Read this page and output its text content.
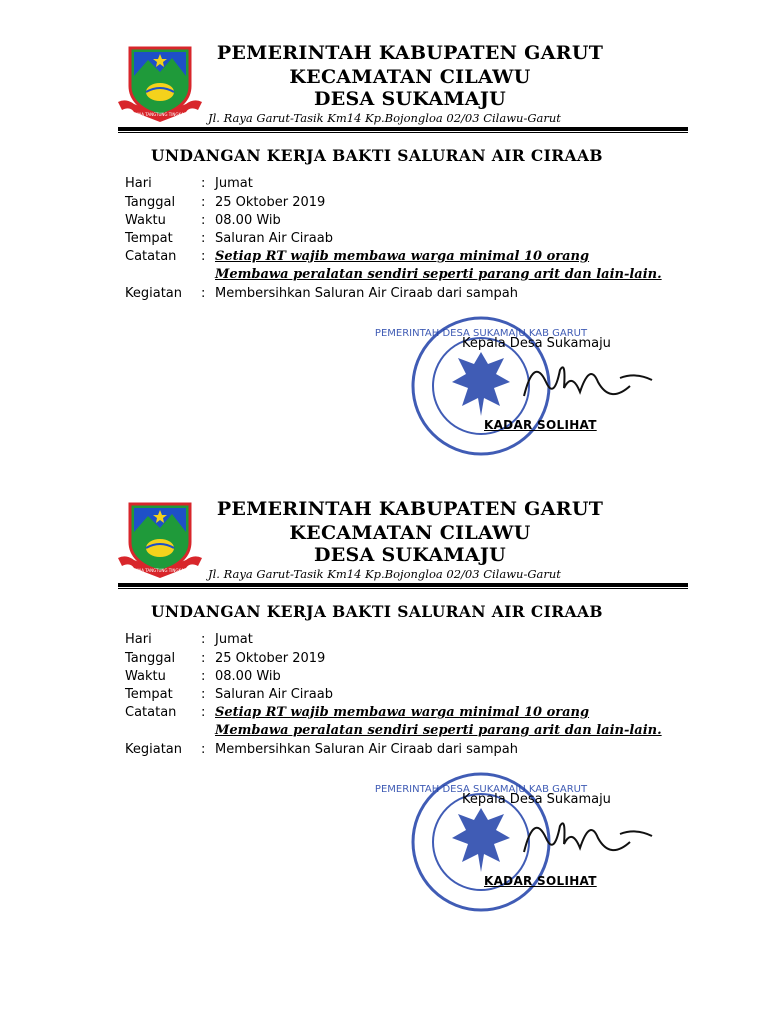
DINA TANGTUNG TINGKAL
PEMERINTAH KABUPATEN GARUT
KECAMATAN CILAWU
DESA SUKAMAJU
Jl. Raya Garut-Tasik Km14 Kp.Bojongloa 02/03 Cilawu-Garut
UNDANGAN KERJA BAKTI SALURAN AIR CIRAAB
Hari	: Jumat
Tanggal : 25 Oktober 2019
Waktu	: 08.00 Wib
Tempat : Saluran Air Ciraab
Catatan : Setiap RT wajib membawa warga minimal 10 orang
Membawa peralatan sendiri seperti parang arit dan lain-lain.
Kegiatan : Membersihkan Saluran Air Ciraab dari sampah
PEMERINTAH DESA SUKAMAJU KAB GARUT
Kepala Desa Sukamaju
KADAR SOLIHAT
DINA TANGTUNG TINGKAL
PEMERINTAH KABUPATEN GARUT
KECAMATAN CILAWU
DESA SUKAMAJU
Jl. Raya Garut-Tasik Km14 Kp.Bojongloa 02/03 Cilawu-Garut
UNDANGAN KERJA BAKTI SALURAN AIR CIRAAB
Hari	: Jumat
Tanggal : 25 Oktober 2019
Waktu	: 08.00 Wib
Tempat : Saluran Air Ciraab
Catatan : Setiap RT wajib membawa warga minimal 10 orang
Membawa peralatan sendiri seperti parang arit dan lain-lain.
Kegiatan : Membersihkan Saluran Air Ciraab dari sampah
PEMERINTAH DESA SUKAMAJU KAB GARUT
Kepala Desa Sukamaju
KADAR SOLIHAT
